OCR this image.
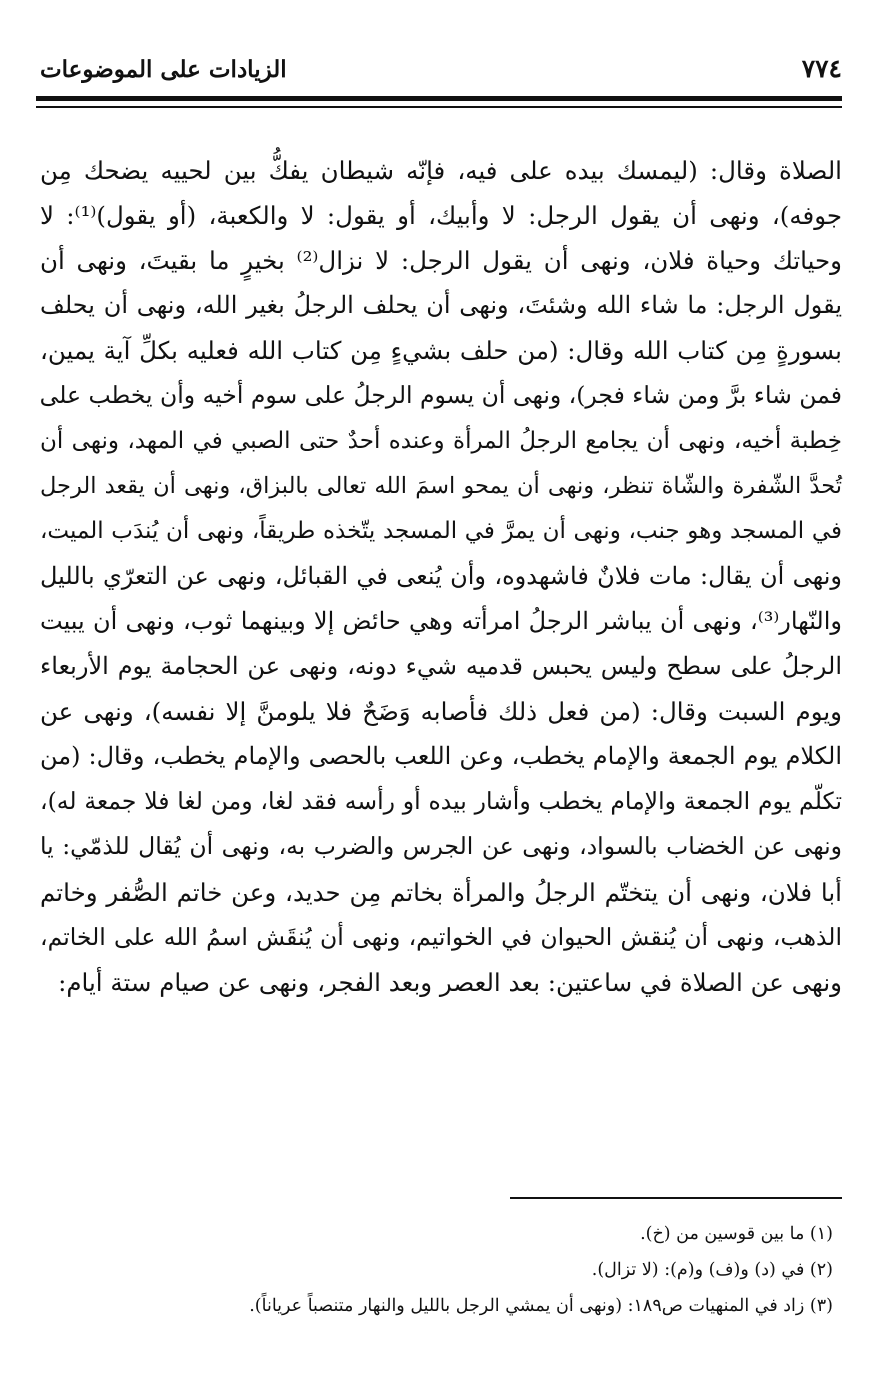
الزيادات على الموضوعات	٧٧٤
الصلاة وقال: (ليمسك بيده على فيه، فإنّه شيطان يفكُّ بين لحييه يضحك مِن
جوفه)، ونهى أن يقول الرجل: لا وأبيك، أو يقول: لا والكعبة، (أو يقول)⁽¹⁾: لا
وحياتك وحياة فلان، ونهى أن يقول الرجل: لا نزال⁽²⁾ بخيرٍ ما بقيتَ، ونهى أن
يقول الرجل: ما شاء الله وشئتَ، ونهى أن يحلف الرجلُ بغير الله، ونهى أن يحلف
بسورةٍ مِن كتاب الله وقال: (من حلف بشيءٍ مِن كتاب الله فعليه بكلِّ آية يمين،
فمن شاء برَّ ومن شاء فجر)، ونهى أن يسوم الرجلُ على سوم أخيه وأن يخطب على
خِطبة أخيه، ونهى أن يجامع الرجلُ المرأة وعنده أحدٌ حتى الصبي في المهد، ونهى أن
تُحدَّ الشّفرة والشّاة تنظر، ونهى أن يمحو اسمَ الله تعالى بالبزاق، ونهى أن يقعد الرجل
في المسجد وهو جنب، ونهى أن يمرَّ في المسجد يتّخذه طريقاً، ونهى أن يُندَب الميت،
ونهى أن يقال: مات فلانٌ فاشهدوه، وأن يُنعى في القبائل، ونهى عن التعرّي بالليل
والنّهار⁽³⁾، ونهى أن يباشر الرجلُ امرأته وهي حائض إلا وبينهما ثوب، ونهى أن يبيت
الرجلُ على سطح وليس يحبس قدميه شيء دونه، ونهى عن الحجامة يوم الأربعاء
ويوم السبت وقال: (من فعل ذلك فأصابه وَضَحٌ فلا يلومنَّ إلا نفسه)، ونهى عن
الكلام يوم الجمعة والإمام يخطب، وعن اللعب بالحصى والإمام يخطب، وقال: (من
تكلّم يوم الجمعة والإمام يخطب وأشار بيده أو رأسه فقد لغا، ومن لغا فلا جمعة له)،
ونهى عن الخضاب بالسواد، ونهى عن الجرس والضرب به، ونهى أن يُقال للذمّي: يا
أبا فلان، ونهى أن يتختّم الرجلُ والمرأة بخاتم مِن حديد، وعن خاتم الصُّفر وخاتم
الذهب، ونهى أن يُنقش الحيوان في الخواتيم، ونهى أن يُنقَش اسمُ الله على الخاتم،
ونهى عن الصلاة في ساعتين: بعد العصر وبعد الفجر، ونهى عن صيام ستة أيام:
(١) ما بين قوسين من (خ).
(٢) في (د) و(ف) و(م): (لا تزال).
(٣) زاد في المنهيات ص١٨٩: (ونهى أن يمشي الرجل بالليل والنهار متنصباً عرياناً).
